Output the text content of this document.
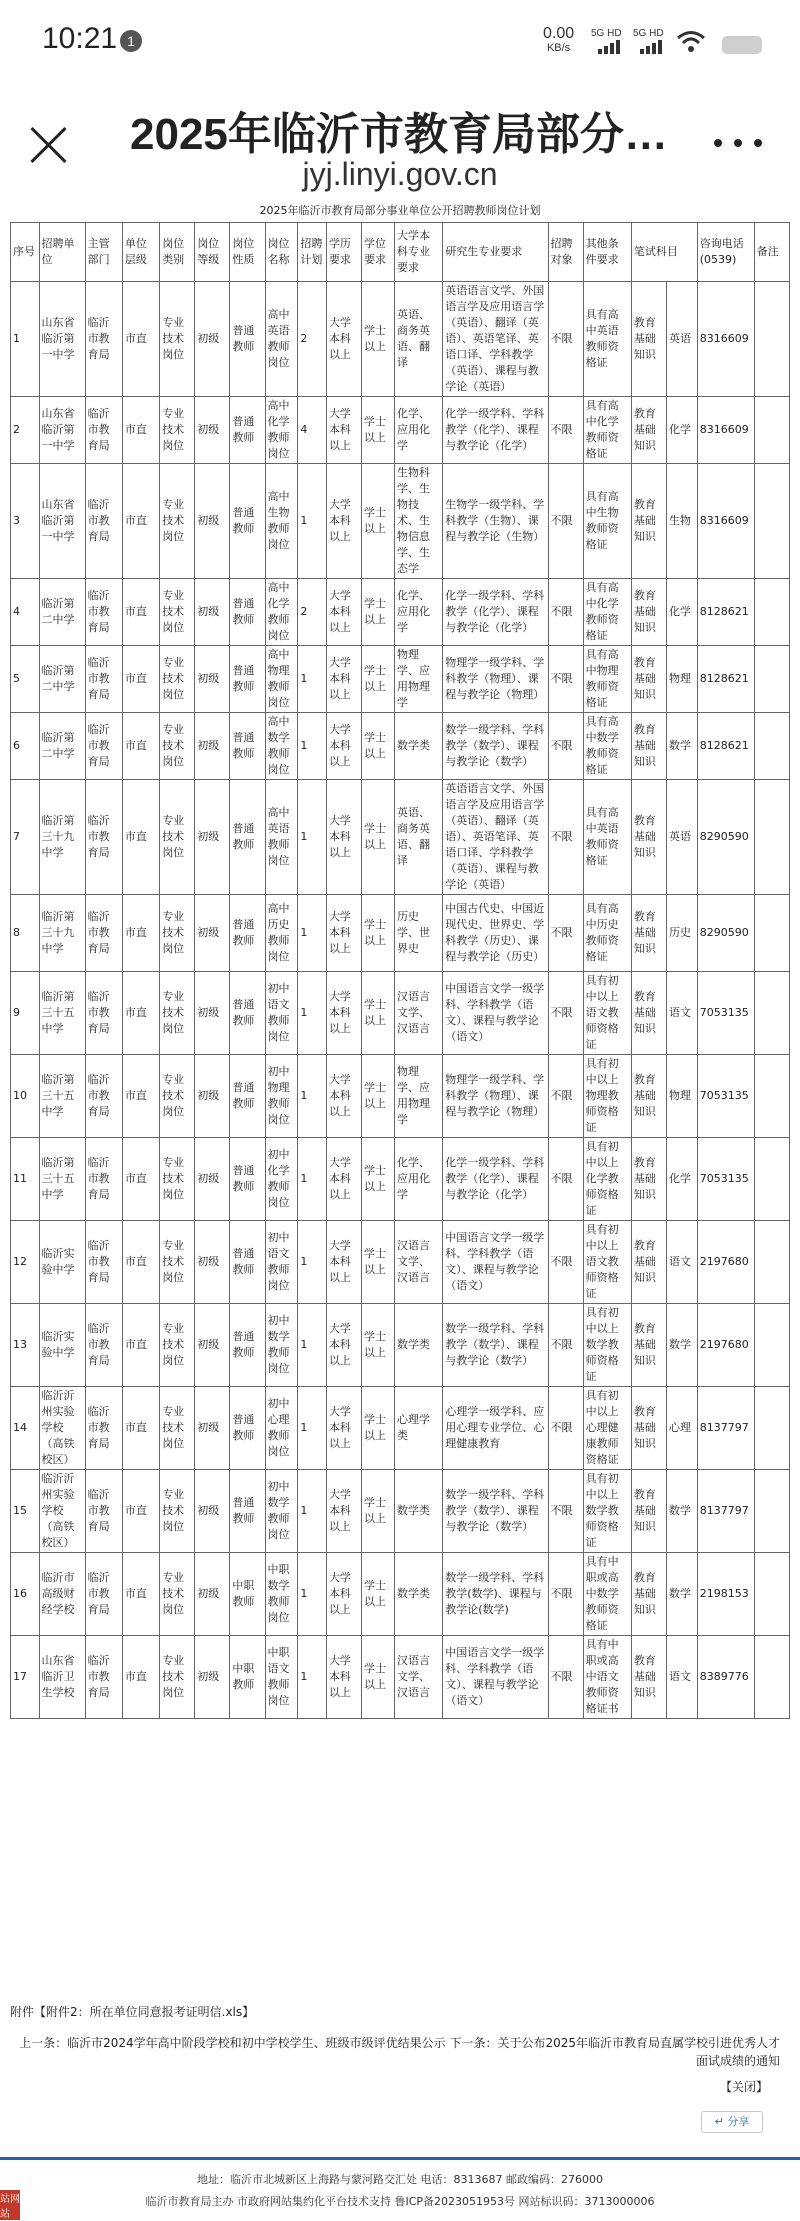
10:21 1	0.00
KB/s
5G HD 5G HD
2025年临沂市教育局部分…
jyj.linyi.gov.cn
2025年临沂市教育局部分事业单位公开招聘教师岗位计划
序号	招聘单位	主管部门	单位层级	岗位类别	岗位等级	岗位性质	岗位名称	招聘计划	学历要求	学位要求	大学本科专业要求	研究生专业要求	招聘对象	其他条件要求	笔试科目		咨询电话(0539)	备注
1	山东省临沂第一中学	临沂市教育局	市直	专业技术岗位	初级	普通教师	高中英语教师岗位	2	大学本科以上	学士以上	英语、商务英语、翻译	英语语言文学、外国语言学及应用语言学（英语）、翻译（英语）、英语笔译、英语口译、学科教学（英语）、课程与教学论（英语）	不限	具有高中英语教师资格证	教育基础知识	英语	8316609	
2	山东省临沂第一中学	临沂市教育局	市直	专业技术岗位	初级	普通教师	高中化学教师岗位	4	大学本科以上	学士以上	化学、应用化学	化学一级学科、学科教学（化学）、课程与教学论（化学）	不限	具有高中化学教师资格证	教育基础知识	化学	8316609	
3	山东省临沂第一中学	临沂市教育局	市直	专业技术岗位	初级	普通教师	高中生物教师岗位	1	大学本科以上	学士以上	生物科学、生物技术、生物信息学、生态学	生物学一级学科、学科教学（生物）、课程与教学论（生物）	不限	具有高中生物教师资格证	教育基础知识	生物	8316609	
4	临沂第二中学	临沂市教育局	市直	专业技术岗位	初级	普通教师	高中化学教师岗位	2	大学本科以上	学士以上	化学、应用化学	化学一级学科、学科教学（化学）、课程与教学论（化学）	不限	具有高中化学教师资格证	教育基础知识	化学	8128621	
5	临沂第二中学	临沂市教育局	市直	专业技术岗位	初级	普通教师	高中物理教师岗位	1	大学本科以上	学士以上	物理学、应用物理学	物理学一级学科、学科教学（物理）、课程与教学论（物理）	不限	具有高中物理教师资格证	教育基础知识	物理	8128621	
6	临沂第二中学	临沂市教育局	市直	专业技术岗位	初级	普通教师	高中数学教师岗位	1	大学本科以上	学士以上	数学类	数学一级学科、学科教学（数学）、课程与教学论（数学）	不限	具有高中数学教师资格证	教育基础知识	数学	8128621	
7	临沂第三十九中学	临沂市教育局	市直	专业技术岗位	初级	普通教师	高中英语教师岗位	1	大学本科以上	学士以上	英语、商务英语、翻译	英语语言文学、外国语言学及应用语言学（英语）、翻译（英语）、英语笔译、英语口译、学科教学（英语）、课程与教学论（英语）	不限	具有高中英语教师资格证	教育基础知识	英语	8290590	
8	临沂第三十九中学	临沂市教育局	市直	专业技术岗位	初级	普通教师	高中历史教师岗位	1	大学本科以上	学士以上	历史学、世界史	中国古代史、中国近现代史、世界史、学科教学（历史）、课程与教学论（历史）	不限	具有高中历史教师资格证	教育基础知识	历史	8290590	
9	临沂第三十五中学	临沂市教育局	市直	专业技术岗位	初级	普通教师	初中语文教师岗位	1	大学本科以上	学士以上	汉语言文学、汉语言	中国语言文学一级学科、学科教学（语文）、课程与教学论（语文）	不限	具有初中以上语文教师资格证	教育基础知识	语文	7053135	
10	临沂第三十五中学	临沂市教育局	市直	专业技术岗位	初级	普通教师	初中物理教师岗位	1	大学本科以上	学士以上	物理学、应用物理学	物理学一级学科、学科教学（物理）、课程与教学论（物理）	不限	具有初中以上物理教师资格证	教育基础知识	物理	7053135	
11	临沂第三十五中学	临沂市教育局	市直	专业技术岗位	初级	普通教师	初中化学教师岗位	1	大学本科以上	学士以上	化学、应用化学	化学一级学科、学科教学（化学）、课程与教学论（化学）	不限	具有初中以上化学教师资格证	教育基础知识	化学	7053135	
12	临沂实验中学	临沂市教育局	市直	专业技术岗位	初级	普通教师	初中语文教师岗位	1	大学本科以上	学士以上	汉语言文学、汉语言	中国语言文学一级学科、学科教学（语文）、课程与教学论（语文）	不限	具有初中以上语文教师资格证	教育基础知识	语文	2197680	
13	临沂实验中学	临沂市教育局	市直	专业技术岗位	初级	普通教师	初中数学教师岗位	1	大学本科以上	学士以上	数学类	数学一级学科、学科教学（数学）、课程与教学论（数学）	不限	具有初中以上数学教师资格证	教育基础知识	数学	2197680	
14	临沂沂州实验学校（高铁校区）	临沂市教育局	市直	专业技术岗位	初级	普通教师	初中心理教师岗位	1	大学本科以上	学士以上	心理学类	心理学一级学科、应用心理专业学位、心理健康教育	不限	具有初中以上心理健康教师资格证	教育基础知识	心理	8137797	
15	临沂沂州实验学校（高铁校区）	临沂市教育局	市直	专业技术岗位	初级	普通教师	初中数学教师岗位	1	大学本科以上	学士以上	数学类	数学一级学科、学科教学（数学）、课程与教学论（数学）	不限	具有初中以上数学教师资格证	教育基础知识	数学	8137797	
16	临沂市高级财经学校	临沂市教育局	市直	专业技术岗位	初级	中职教师	中职数学教师岗位	1	大学本科以上	学士以上	数学类	数学一级学科、学科教学(数学)、课程与教学论(数学)	不限	具有中职或高中数学教师资格证	教育基础知识	数学	2198153	
17	山东省临沂卫生学校	临沂市教育局	市直	专业技术岗位	初级	中职教师	中职语文教师岗位	1	大学本科以上	学士以上	汉语言文学、汉语言	中国语言文学一级学科、学科教学（语文）、课程与教学论（语文）	不限	具有中职或高中语文教师资格证书	教育基础知识	语文	8389776	
附件【附件2：所在单位同意报考证明信.xls】
上一条：临沂市2024学年高中阶段学校和初中学校学生、班级市级评优结果公示 下一条：关于公布2025年临沂市教育局直属学校引进优秀人才面试成绩的通知
【关闭】
↵ 分享
地址：临沂市北城新区上海路与蒙河路交汇处 电话：8313687 邮政编码：276000
临沂市教育局主办 市政府网站集约化平台技术支持 鲁ICP备2023051953号 网站标识码：3713000006
站网站
